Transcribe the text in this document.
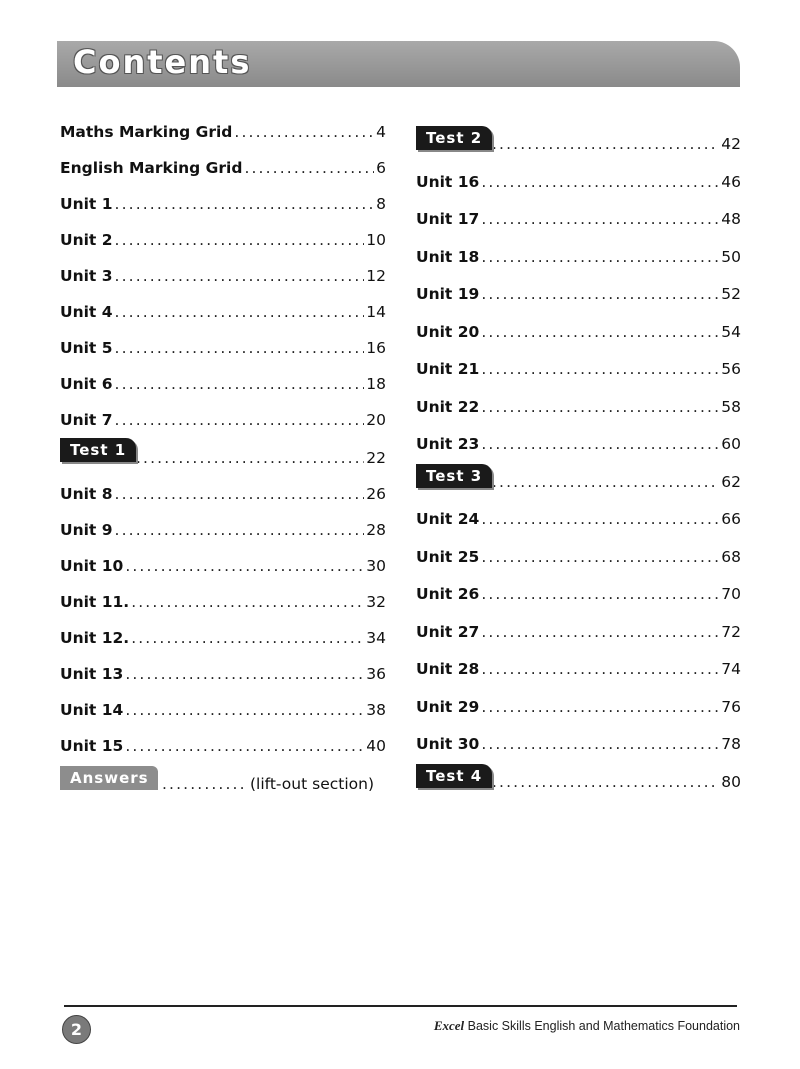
Contents
Maths Marking Grid . . .	4
English Marking Grid . . .	6
Unit 1 . . .	8
Unit 2 . . .	10
Unit 3 . . .	12
Unit 4 . . .	14
Unit 5 . . .	16
Unit 6 . . .	18
Unit 7 . . .	20
Test 1 . . .	22
Unit 8 . . .	26
Unit 9 . . .	28
Unit 10 . . .	30
Unit 11. . . .	32
Unit 12. . . .	34
Unit 13 . . .	36
Unit 14 . . .	38
Unit 15 . . .	40
Answers . . .	(lift-out section)
Test 2 . . .	42
Unit 16 . . .	46
Unit 17 . . .	48
Unit 18 . . .	50
Unit 19 . . .	52
Unit 20 . . .	54
Unit 21 . . .	56
Unit 22 . . .	58
Unit 23 . . .	60
Test 3 . . .	62
Unit 24 . . .	66
Unit 25 . . .	68
Unit 26 . . .	70
Unit 27 . . .	72
Unit 28 . . .	74
Unit 29 . . .	76
Unit 30 . . .	78
Test 4 . . .	80
2	Excel Basic Skills English and Mathematics Foundation
